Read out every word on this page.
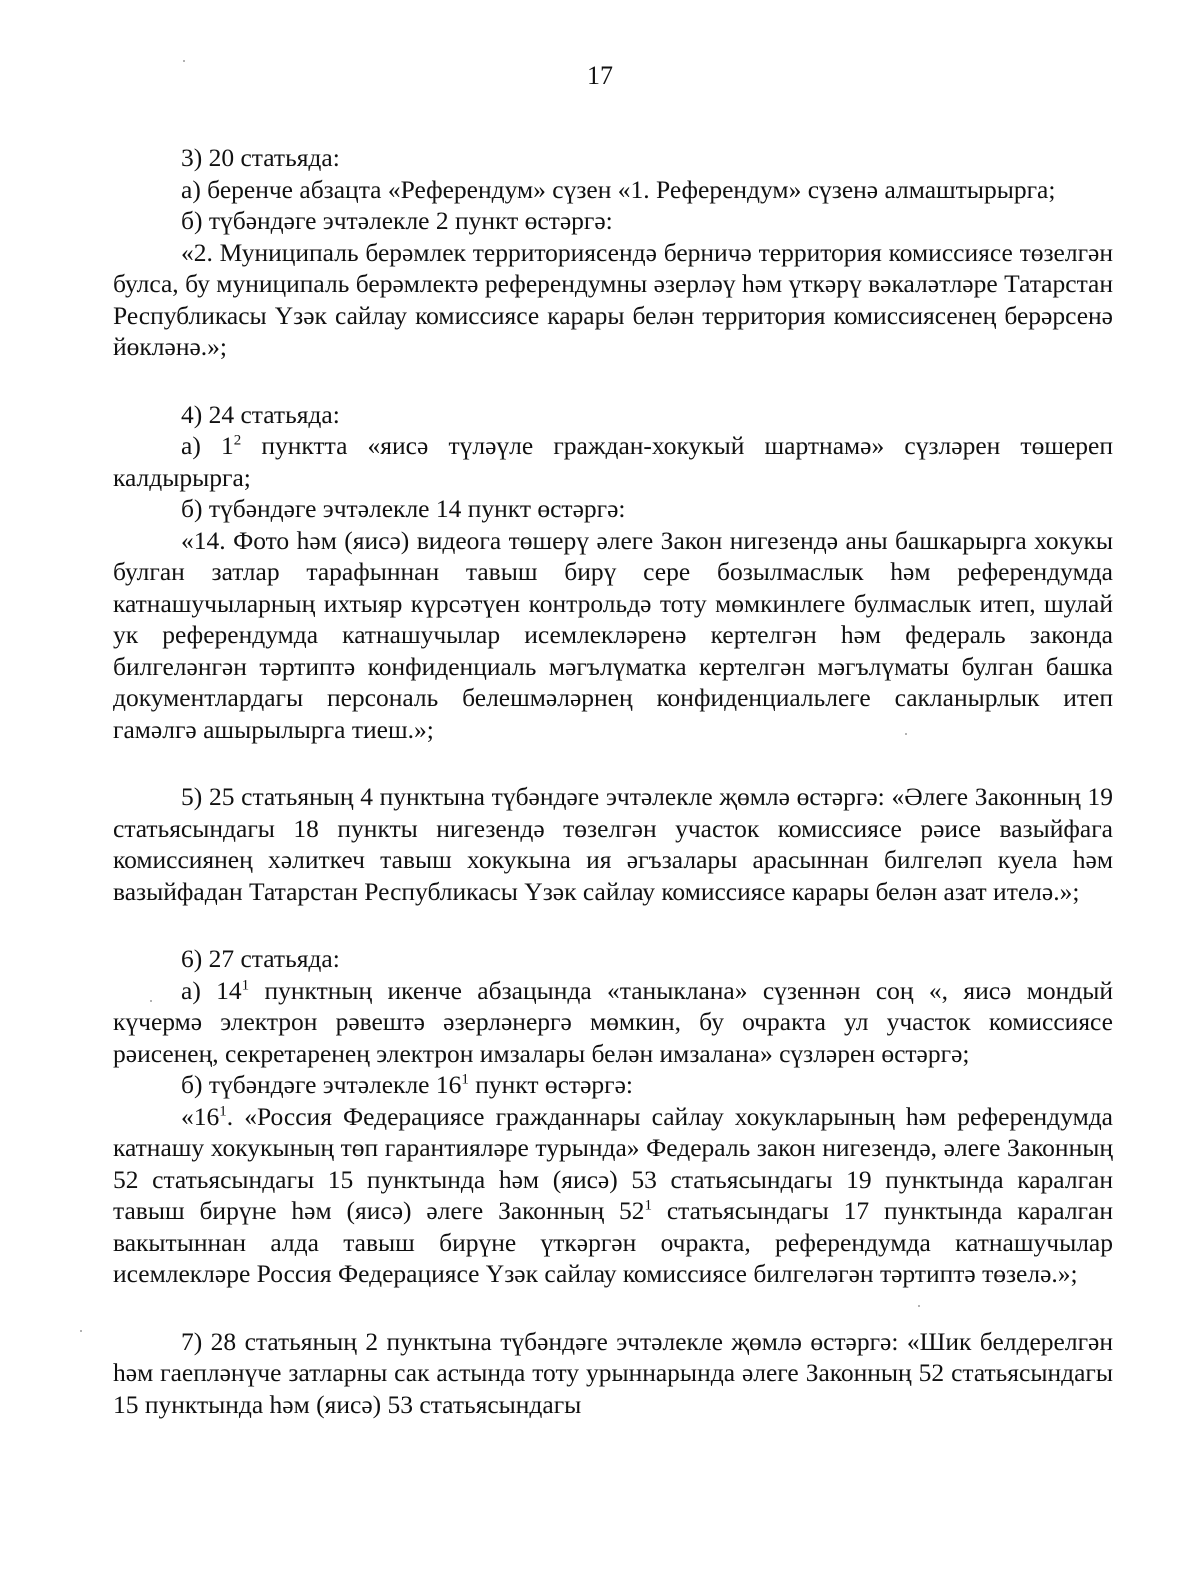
17

3) 20 статьяда:

а) беренче абзацта «Референдум» сүзен «1. Референдум» сүзенә алмаштырырга;

б) түбәндәге эчтәлекле 2 пункт өстәргә:

«2. Муниципаль берәмлек территориясендә берничә территория комиссиясе төзелгән булса, бу муниципаль берәмлектә референдумны әзерләү һәм үткәрү вәкаләтләре Татарстан Республикасы Үзәк сайлау комиссиясе карары белән территория комиссиясенең берәрсенә йөкләнә.»;

4) 24 статьяда:

а) $1^2$ пунктта «яисә түләүле граждан-хокукый шартнамә» сүзләрен төшереп калдырырга;

б) түбәндәге эчтәлекле 14 пункт өстәргә:

«14. Фото һәм (яисә) видеога төшерү әлеге Закон нигезендә аны башкарырга хокукы булган затлар тарафыннан тавыш бирү сере бозылмаслык һәм референдумда катнашучыларның ихтыяр күрсәтүен контрольдә тоту мөмкинлеге булмаслык итеп, шулай ук референдумда катнашучылар исемлекләренә кертелгән һәм федераль законда билгеләнгән тәртиптә конфиденциаль мәгълүматка кертелгән мәгълүматы булган башка документлардагы персональ белешмәләрнең конфиденциальлеге сакланырлык итеп гамәлгә ашырылырга тиеш.»;

5) 25 статьяның 4 пунктына түбәндәге эчтәлекле җөмлә өстәргә: «Әлеге Законның 19 статьясындагы 18 пункты нигезендә төзелгән участок комиссиясе рәисе вазыйфага комиссиянең хәлиткеч тавыш хокукына ия әгъзалары арасыннан билгеләп куела һәм вазыйфадан Татарстан Республикасы Үзәк сайлау комиссиясе карары белән азат ителә.»;

6) 27 статьяда:

а) $14^1$ пунктның икенче абзацында «таныклана» сүзеннән соң «, яисә мондый күчермә электрон рәвештә әзерләнергә мөмкин, бу очракта ул участок комиссиясе рәисенең, секретаренең электрон имзалары белән имзалана» сүзләрен өстәргә;

б) түбәндәге эчтәлекле $16^1$ пункт өстәргә:

«$16^1$. «Россия Федерациясе гражданнары сайлау хокукларының һәм референдумда катнашу хокукының төп гарантияләре турында» Федераль закон нигезендә, әлеге Законның 52 статьясындагы 15 пунктында һәм (яисә) 53 статьясындагы 19 пунктында каралган тавыш бирүне һәм (яисә) әлеге Законның $52^1$ статьясындагы 17 пунктында каралган вакытыннан алда тавыш бирүне үткәргән очракта, референдумда катнашучылар исемлекләре Россия Федерациясе Үзәк сайлау комиссиясе билгеләгән тәртиптә төзелә.»;

7) 28 статьяның 2 пунктына түбәндәге эчтәлекле җөмлә өстәргә: «Шик белдерелгән һәм гаепләнүче затларны сак астында тоту урыннарында әлеге Законның 52 статьясындагы 15 пунктында һәм (яисә) 53 статьясындагы
